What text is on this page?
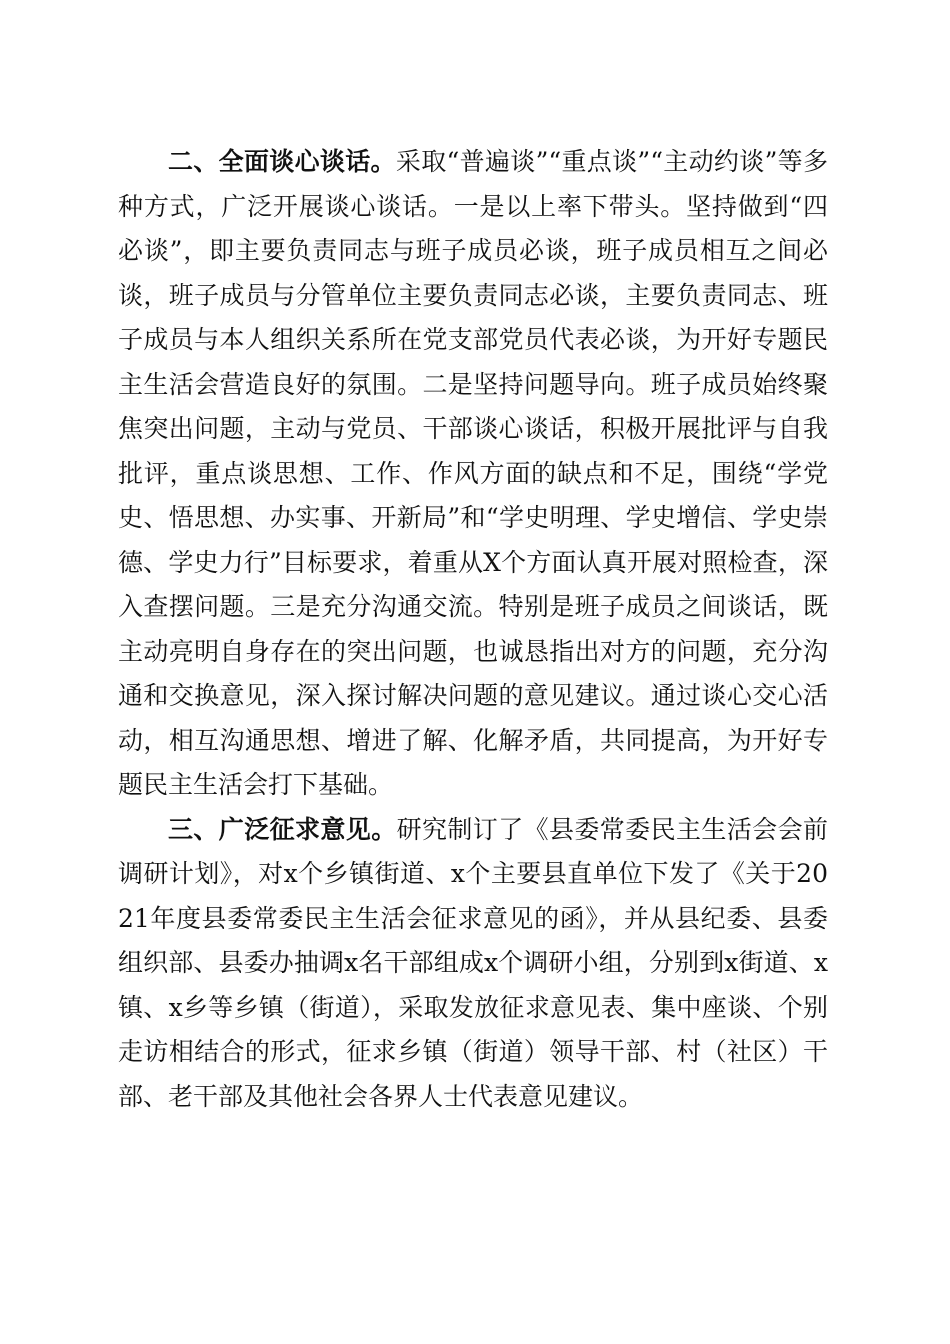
二、全面谈心谈话。采取“普遍谈”“重点谈”“主动约谈”等多种方式，广泛开展谈心谈话。一是以上率下带头。坚持做到“四必谈”，即主要负责同志与班子成员必谈，班子成员相互之间必谈，班子成员与分管单位主要负责同志必谈，主要负责同志、班子成员与本人组织关系所在党支部党员代表必谈，为开好专题民主生活会营造良好的氛围。二是坚持问题导向。班子成员始终聚焦突出问题，主动与党员、干部谈心谈话，积极开展批评与自我批评，重点谈思想、工作、作风方面的缺点和不足，围绕“学党史、悟思想、办实事、开新局”和“学史明理、学史增信、学史崇德、学史力行”目标要求，着重从X个方面认真开展对照检查，深入查摆问题。三是充分沟通交流。特别是班子成员之间谈话，既主动亮明自身存在的突出问题，也诚恳指出对方的问题，充分沟通和交换意见，深入探讨解决问题的意见建议。通过谈心交心活动，相互沟通思想、增进了解、化解矛盾，共同提高，为开好专题民主生活会打下基础。

三、广泛征求意见。研究制订了《县委常委民主生活会会前调研计划》，对x个乡镇街道、x个主要县直单位下发了《关于2021年度县委常委民主生活会征求意见的函》，并从县纪委、县委组织部、县委办抽调x名干部组成x个调研小组，分别到x街道、x镇、x乡等乡镇（街道），采取发放征求意见表、集中座谈、个别走访相结合的形式，征求乡镇（街道）领导干部、村（社区）干部、老干部及其他社会各界人士代表意见建议。
